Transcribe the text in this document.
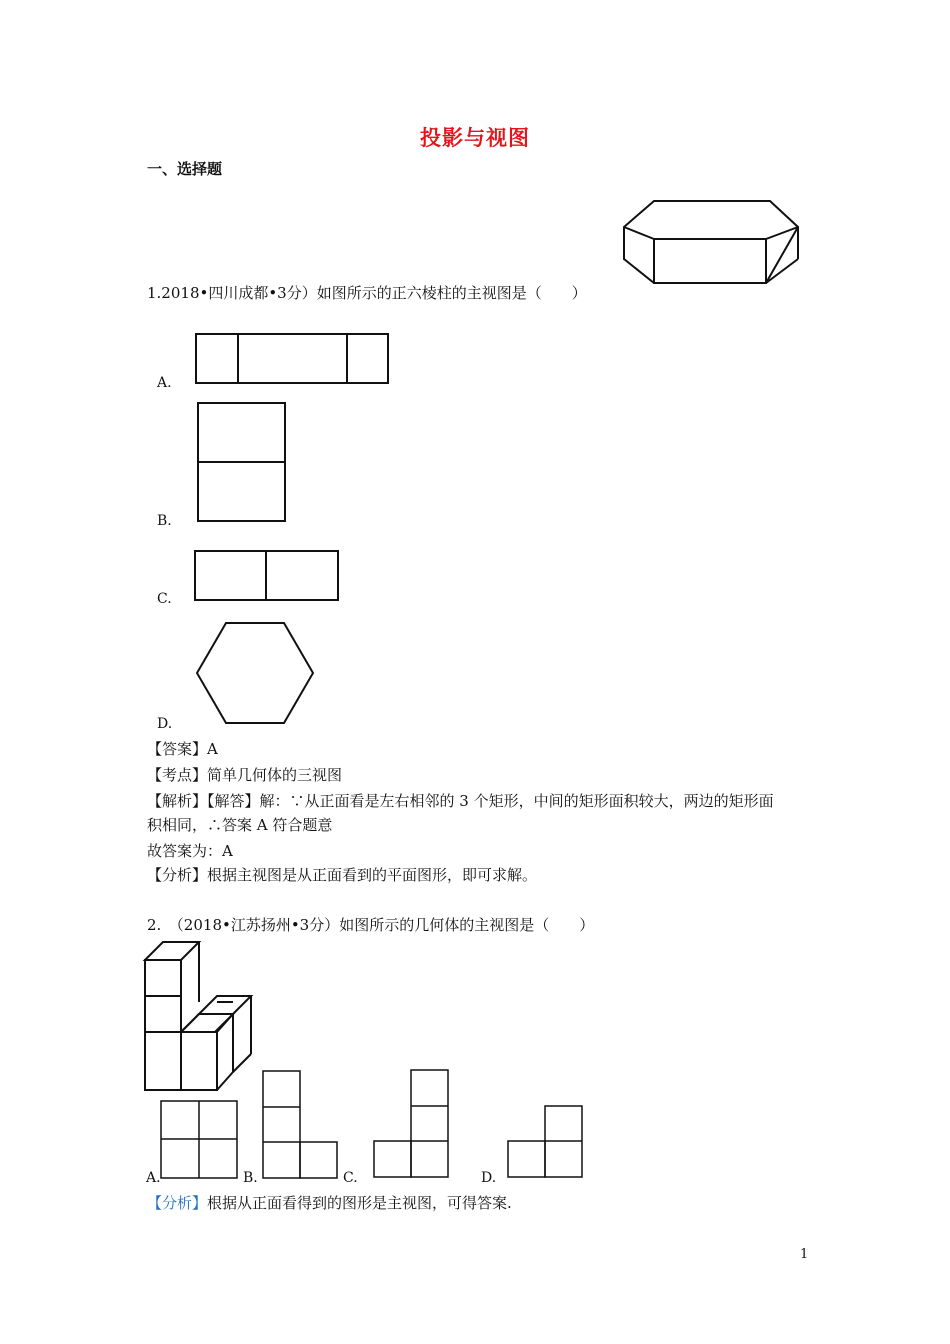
投影与视图
一、选择题
1.2018•四川成都•3分）如图所示的正六棱柱的主视图是（　　）
A.
B.
C.
D.
【答案】A
【考点】简单几何体的三视图
【解析】【解答】解：∵从正面看是左右相邻的 3 个矩形，中间的矩形面积较大，两边的矩形面
积相同，∴答案 A 符合题意
故答案为：A
【分析】根据主视图是从正面看到的平面图形，即可求解。
2.　（2018•江苏扬州•3分）如图所示的几何体的主视图是（　　）
A.	B.	C.	D.
【分析】根据从正面看得到的图形是主视图，可得答案.
1
